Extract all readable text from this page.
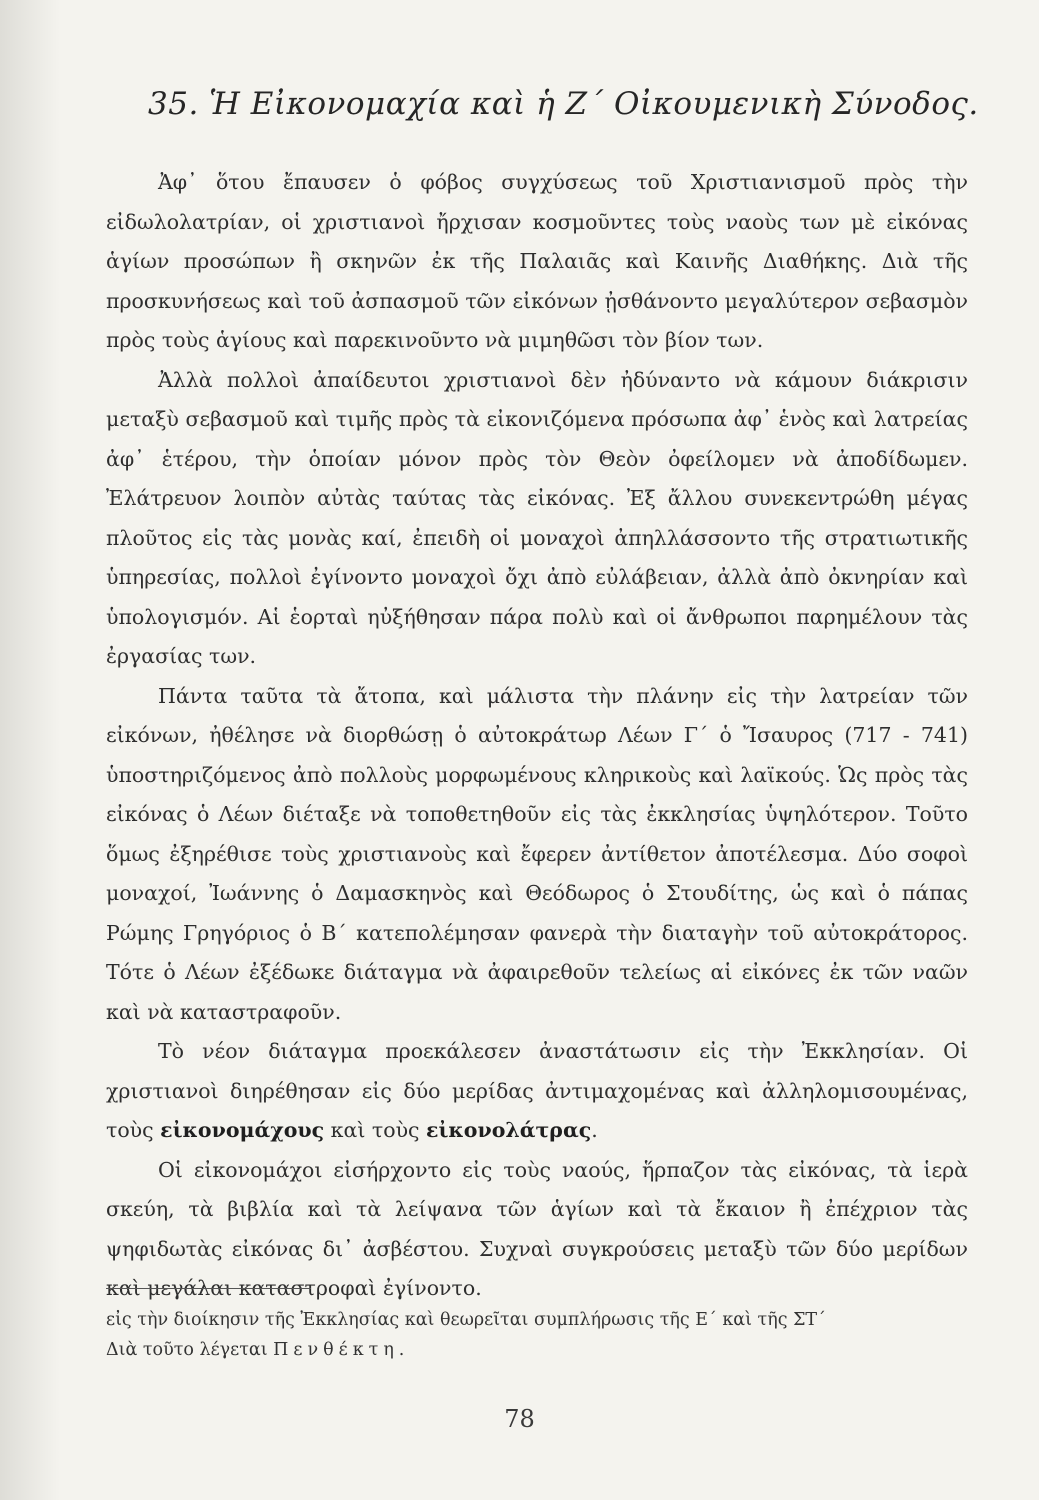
35. Ἡ Εἰκονομαχία καὶ ἡ Ζ΄ Οἰκουμενικὴ Σύνοδος.

Ἀφ᾽ ὅτου ἔπαυσεν ὁ φόβος συγχύσεως τοῦ Χριστιανισμοῦ πρὸς τὴν εἰδωλολατρίαν, οἱ χριστιανοὶ ἤρχισαν κοσμοῦντες τοὺς ναοὺς των μὲ εἰκόνας ἁγίων προσώπων ἢ σκηνῶν ἐκ τῆς Παλαιᾶς καὶ Καινῆς Διαθήκης. Διὰ τῆς προσκυνήσεως καὶ τοῦ ἀσπασμοῦ τῶν εἰκόνων ᾐσθάνοντο μεγαλύτερον σεβασμὸν πρὸς τοὺς ἁγίους καὶ παρεκινοῦντο νὰ μιμηθῶσι τὸν βίον των.

Ἀλλὰ πολλοὶ ἀπαίδευτοι χριστιανοὶ δὲν ἠδύναντο νὰ κάμουν διάκρισιν μεταξὺ σεβασμοῦ καὶ τιμῆς πρὸς τὰ εἰκονιζόμενα πρόσωπα ἀφ᾽ ἑνὸς καὶ λατρείας ἀφ᾽ ἑτέρου, τὴν ὁποίαν μόνον πρὸς τὸν Θεὸν ὀφείλομεν νὰ ἀποδίδωμεν. Ἐλάτρευον λοιπὸν αὐτὰς ταύτας τὰς εἰκόνας. Ἐξ ἄλλου συνεκεντρώθη μέγας πλοῦτος εἰς τὰς μονὰς καί, ἐπειδὴ οἱ μοναχοὶ ἀπηλλάσσοντο τῆς στρατιωτικῆς ὑπηρεσίας, πολλοὶ ἐγίνοντο μοναχοὶ ὄχι ἀπὸ εὐλάβειαν, ἀλλὰ ἀπὸ ὀκνηρίαν καὶ ὑπολογισμόν. Αἱ ἑορταὶ ηὐξήθησαν πάρα πολὺ καὶ οἱ ἄνθρωποι παρημέλουν τὰς ἐργασίας των.

Πάντα ταῦτα τὰ ἄτοπα, καὶ μάλιστα τὴν πλάνην εἰς τὴν λατρείαν τῶν εἰκόνων, ἠθέλησε νὰ διορθώσῃ ὁ αὐτοκράτωρ Λέων Γ΄ ὁ Ἴσαυρος (717 - 741) ὑποστηριζόμενος ἀπὸ πολλοὺς μορφωμένους κληρικοὺς καὶ λαϊκούς. Ὡς πρὸς τὰς εἰκόνας ὁ Λέων διέταξε νὰ τοποθετηθοῦν εἰς τὰς ἐκκλησίας ὑψηλότερον. Τοῦτο ὅμως ἐξηρέθισε τοὺς χριστιανοὺς καὶ ἔφερεν ἀντίθετον ἀποτέλεσμα. Δύο σοφοὶ μοναχοί, Ἰωάννης ὁ Δαμασκηνὸς καὶ Θεόδωρος ὁ Στουδίτης, ὡς καὶ ὁ πάπας Ρώμης Γρηγόριος ὁ Β΄ κατεπολέμησαν φανερὰ τὴν διαταγὴν τοῦ αὐτοκράτορος. Τότε ὁ Λέων ἐξέδωκε διάταγμα νὰ ἀφαιρεθοῦν τελείως αἱ εἰκόνες ἐκ τῶν ναῶν καὶ νὰ καταστραφοῦν.

Τὸ νέον διάταγμα προεκάλεσεν ἀναστάτωσιν εἰς τὴν Ἐκκλησίαν. Οἱ χριστιανοὶ διηρέθησαν εἰς δύο μερίδας ἀντιμαχομένας καὶ ἀλληλομισουμένας, τοὺς εἰκονομάχους καὶ τοὺς εἰκονολάτρας.

Οἱ εἰκονομάχοι εἰσήρχοντο εἰς τοὺς ναούς, ἥρπαζον τὰς εἰκόνας, τὰ ἱερὰ σκεύη, τὰ βιβλία καὶ τὰ λείψανα τῶν ἁγίων καὶ τὰ ἔκαιον ἢ ἐπέχριον τὰς ψηφιδωτὰς εἰκόνας δι᾽ ἀσβέστου. Συχναὶ συγκρούσεις μεταξὺ τῶν δύο μερίδων καὶ μεγάλαι καταστροφαὶ ἐγίνοντο.

εἰς τὴν διοίκησιν τῆς Ἐκκλησίας καὶ θεωρεῖται συμπλήρωσις τῆς Ε΄ καὶ τῆς ΣΤ΄

Διὰ τοῦτο λέγεται Πενθέκτη.

78
